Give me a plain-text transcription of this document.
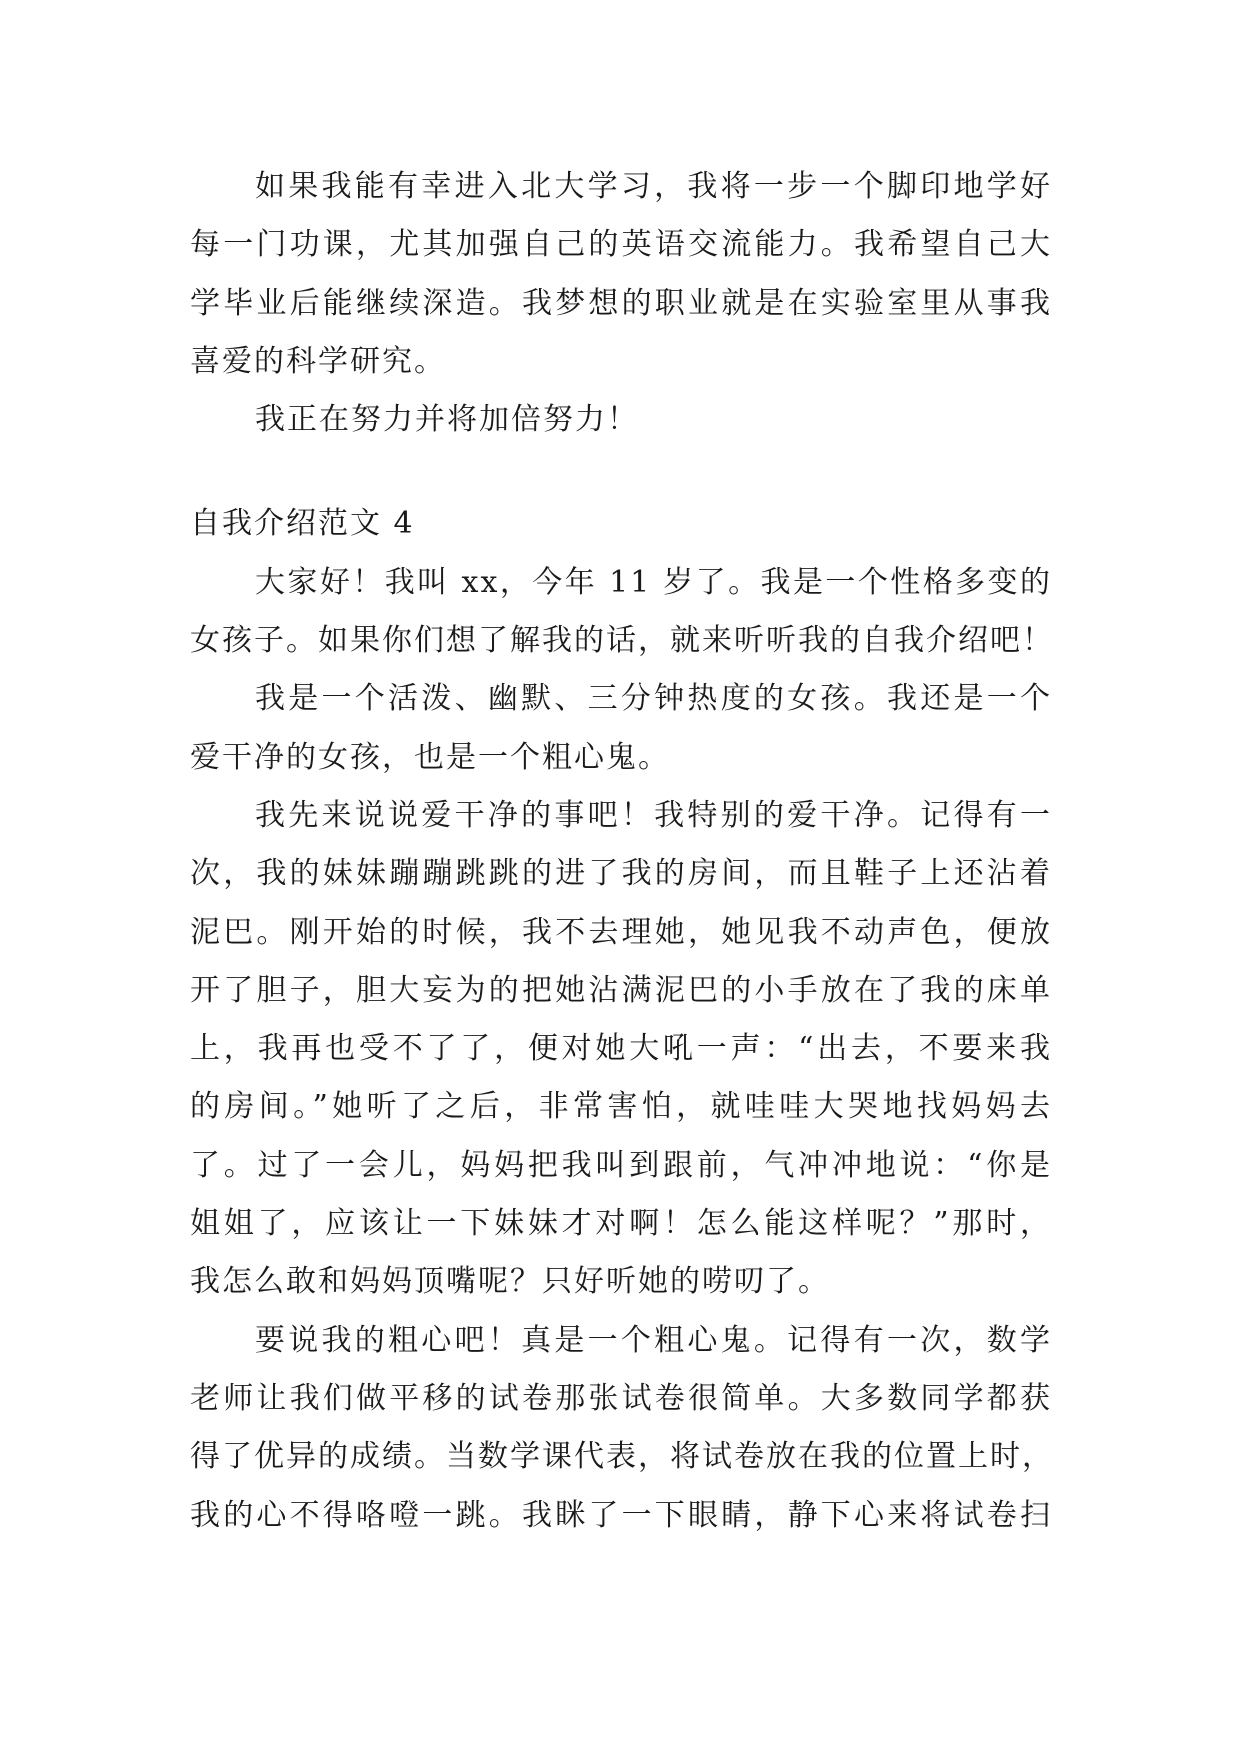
如果我能有幸进入北大学习，我将一步一个脚印地学好
每一门功课，尤其加强自己的英语交流能力。我希望自己大
学毕业后能继续深造。我梦想的职业就是在实验室里从事我
喜爱的科学研究。
我正在努力并将加倍努力！
自我介绍范文 4
大家好！我叫 xx，今年 11 岁了。我是一个性格多变的
女孩子。如果你们想了解我的话，就来听听我的自我介绍吧！
我是一个活泼、幽默、三分钟热度的女孩。我还是一个
爱干净的女孩，也是一个粗心鬼。
我先来说说爱干净的事吧！我特别的爱干净。记得有一
次，我的妹妹蹦蹦跳跳的进了我的房间，而且鞋子上还沾着
泥巴。刚开始的时候，我不去理她，她见我不动声色，便放
开了胆子，胆大妄为的把她沾满泥巴的小手放在了我的床单
上，我再也受不了了，便对她大吼一声：“出去，不要来我
的房间。”她听了之后，非常害怕，就哇哇大哭地找妈妈去
了。过了一会儿，妈妈把我叫到跟前，气冲冲地说：“你是
姐姐了，应该让一下妹妹才对啊！怎么能这样呢？”那时，
我怎么敢和妈妈顶嘴呢？只好听她的唠叨了。
要说我的粗心吧！真是一个粗心鬼。记得有一次，数学
老师让我们做平移的试卷那张试卷很简单。大多数同学都获
得了优异的成绩。当数学课代表，将试卷放在我的位置上时，
我的心不得咯噔一跳。我眯了一下眼睛，静下心来将试卷扫
